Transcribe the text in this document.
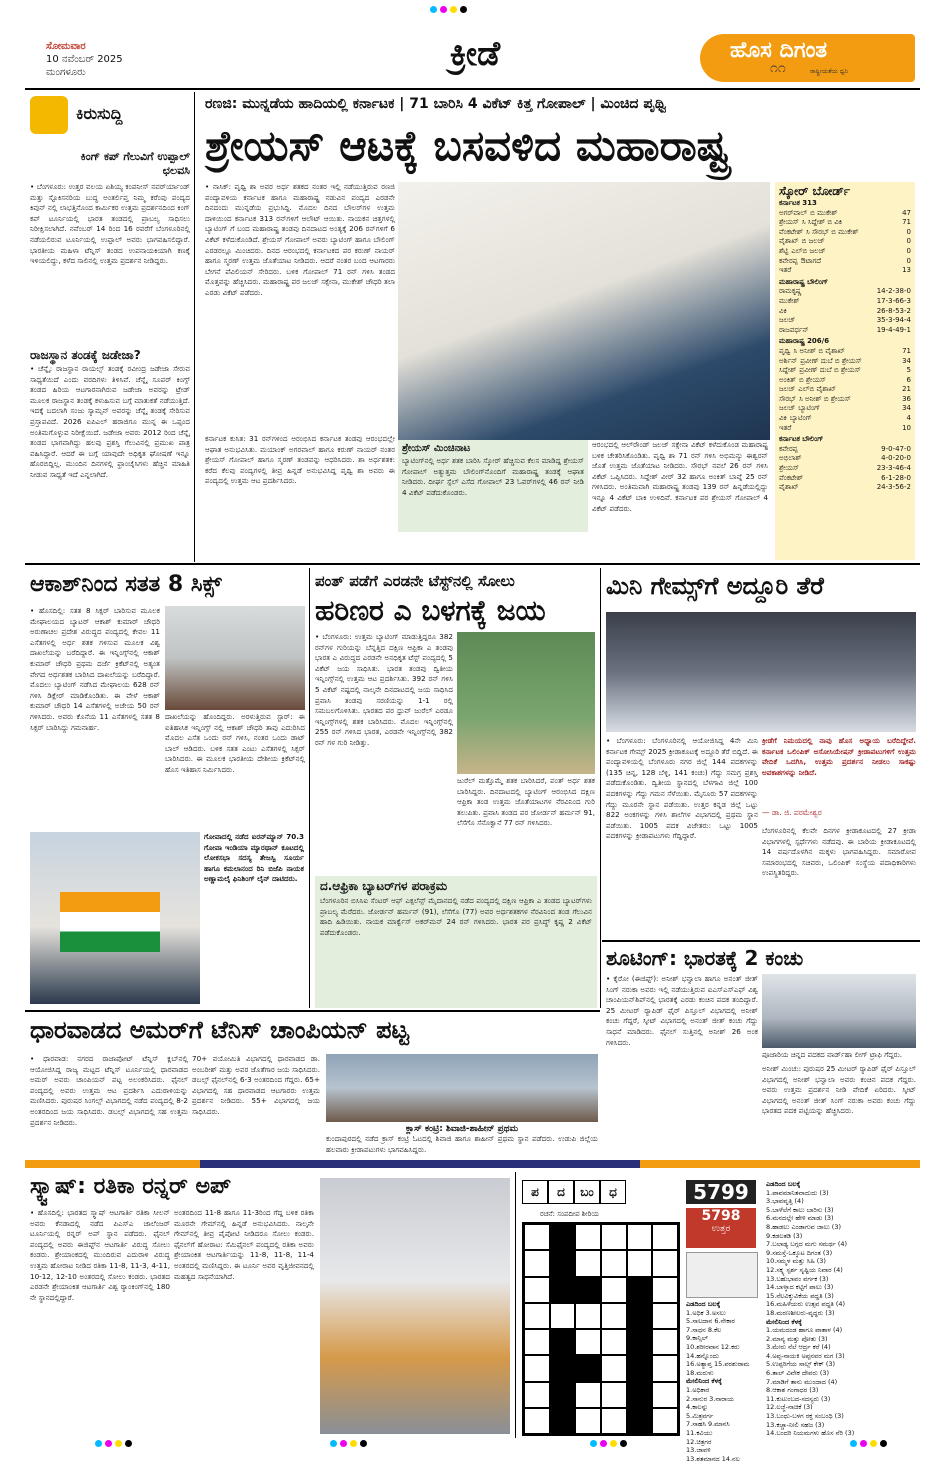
ಸೋಮವಾರ
10 ನವೆಂಬರ್ 2025
ಮಂಗಳೂರು	ಕ್ರೀಡೆ	ಹೊಸ ದಿಗಂತ
೧೧	ರಾಷ್ಟ್ರೀಯತೆಯ ಧ್ವನಿ
ಕಿರುಸುದ್ದಿ
ಕಿಂಗ್ ಕಪ್ ಗೆಲುವಿಗೆ ಉಪ್ಪಾಲ್ ಛಲವಸಿ
• ಬೆಂಗಳೂರು: ಉತ್ತರ ವಲಯ ಏಶಿಯ್ಯ ಕಂಪನೀಸ್ ನವರ್‌ರ್ಯಾಂಡ್ ಮತ್ತು ಸ್ಟೊಕಿಸನರಿಯ ಬುದ್ಧ ಅಂತರ್ಲಿಪ್ತ ನಿಮ್ಮ ಕರೆಂಪು ಪಂದ್ಯದ ಕಿವುನ್ ನಲ್ಲಿ ಲಾಭತ್ತಿನೊಂದ ಕಾರ್ಮಿಕರ ಉತ್ತಮ ಪ್ರದರ್ಶನದಿಂದ ಕಿಂಗ್ ಕಪ್ ಟೂರ್ನಿಯಲ್ಲಿ ಭಾರತ ತಂಡದಲ್ಲಿ ಪ್ರಾಬಲ್ಯ ಸಾಧಿಸಲು ನಿರೀಕ್ಷಿಸಲಾಗಿದೆ. ನವೆಂಬರ್ 14 ರಿಂದ 16 ರವರೆಗೆ ಬೆಂಗಳೂರಿನಲ್ಲಿ ನಡೆಯಲಿರುವ ಟೂರ್ನಿಯಲ್ಲಿ ಉಪ್ಪಾಲ್ ಅವರು ಭಾಗವಹಿಸಲಿದ್ದಾರೆ. ಭಾರತೀಯ ಮಹಿಳಾ ಟೆನ್ನಿಸ್ ತಂಡದ ಉಪನಾಯಕಿಯಾಗಿ ಕಣಕ್ಕೆ ಇಳಿಯಲಿದ್ದು, ಕಳೆದ ಸಾಲಿನಲ್ಲಿ ಉತ್ತಮ ಪ್ರದರ್ಶನ ನೀಡಿದ್ದರು.
ರಾಜಸ್ಥಾನ ತಂಡಕ್ಕೆ ಜಡೇಜಾ?
• ಚೆನ್ನೈ: ರಾಜಸ್ಥಾನ ರಾಯಲ್ಸ್ ತಂಡಕ್ಕೆ ರವೀಂದ್ರ ಜಡೇಜಾ ಸೇರುವ ಸಾಧ್ಯತೆಯಿದೆ ಎಂದು ವರದಿಗಳು ತಿಳಿಸಿವೆ. ಚೆನ್ನೈ ಸೂಪರ್ ಕಿಂಗ್ಸ್ ತಂಡದ ಹಿರಿಯ ಆಟಗಾರನಾಗಿರುವ ಜಡೇಜಾ ಅವರನ್ನು ಟ್ರೇಡ್ ಮೂಲಕ ರಾಜಸ್ಥಾನ ತಂಡಕ್ಕೆ ಕಳುಹಿಸುವ ಬಗ್ಗೆ ಮಾತುಕತೆ ನಡೆಯುತ್ತಿದೆ. ಇದಕ್ಕೆ ಬದಲಾಗಿ ಸಂಜು ಸ್ಯಾಮ್ಸನ್ ಅವರನ್ನು ಚೆನ್ನೈ ತಂಡಕ್ಕೆ ಸೇರಿಸುವ ಪ್ರಸ್ತಾಪವಿದೆ. 2026 ಐಪಿಎಲ್ ಹರಾಜಿಗೂ ಮುನ್ನ ಈ ಒಪ್ಪಂದ ಅಂತಿಮಗೊಳ್ಳುವ ನಿರೀಕ್ಷೆಯಿದೆ. ಜಡೇಜಾ ಅವರು 2012 ರಿಂದ ಚೆನ್ನೈ ತಂಡದ ಭಾಗವಾಗಿದ್ದು ಹಲವು ಪ್ರಶಸ್ತಿ ಗೆಲುವಿನಲ್ಲಿ ಪ್ರಮುಖ ಪಾತ್ರ ವಹಿಸಿದ್ದಾರೆ. ಆದರೆ ಈ ಬಗ್ಗೆ ಯಾವುದೇ ಅಧಿಕೃತ ಘೋಷಣೆ ಇನ್ನೂ ಹೊರಬಿದ್ದಿಲ್ಲ. ಮುಂದಿನ ದಿನಗಳಲ್ಲಿ ಫ್ರಾಂಚೈಸಿಗಳು ಹೆಚ್ಚಿನ ಮಾಹಿತಿ ನೀಡುವ ಸಾಧ್ಯತೆ ಇದೆ ಎನ್ನಲಾಗಿದೆ.
ರಣಜಿ: ಮುನ್ನಡೆಯ ಹಾದಿಯಲ್ಲಿ ಕರ್ನಾಟಕ | 71 ಬಾರಿಸಿ 4 ವಿಕೆಟ್ ಕಿತ್ತ ಗೋಪಾಲ್ | ಮಿಂಚಿದ ಪೃಥ್ವಿ
ಶ್ರೇಯಸ್ ಆಟಕ್ಕೆ ಬಸವಳಿದ ಮಹಾರಾಷ್ಟ್ರ
• ನಾಸಿಕ್: ಪೃಥ್ವಿ ಶಾ ಅವರ ಅರ್ಧ ಶತಕದ ನಂತರ ಇಲ್ಲಿ ನಡೆಯುತ್ತಿರುವ ರಣಜಿ ಪಂದ್ಯಾವಳಿಯ ಕರ್ನಾಟಕ ಹಾಗೂ ಮಹಾರಾಷ್ಟ್ರ ನಡುವಿನ ಪಂದ್ಯದ ಎರಡನೇ ದಿನದಂದು ಮುನ್ನಡೆಯ ಪ್ರಭುಸಿದ್ದಿ. ಮೊದಲ ದಿನದ ಬೌಲರ್‌ಗಳ ಉತ್ತಮ ದಾಳಿಯಿಂದ ಕರ್ನಾಟಕ 313 ರನ್‌ಗಳಿಗೆ ಆಲೌಟ್ ಆಯಿತು. ನಾಯಕನ ಚಿತ್ತಗಳಲ್ಲಿ ಬ್ಯಾಟಿಂಗ್ ಗೆ ಬಂದ ಮಹಾರಾಷ್ಟ್ರ ತಂಡವು ದಿನದಾಟದ ಅಂತ್ಯಕ್ಕೆ 206 ರನ್‌ಗಳಿಗೆ 6 ವಿಕೆಟ್ ಕಳೆದುಕೊಂಡಿದೆ. ಶ್ರೇಯಸ್ ಗೋಪಾಲ್ ಅವರು ಬ್ಯಾಟಿಂಗ್ ಹಾಗೂ ಬೌಲಿಂಗ್ ಎರಡರಲ್ಲೂ ಮಿಂಚಿದರು. ದಿನದ ಆರಂಭದಲ್ಲಿ ಕರ್ನಾಟಕದ ಪರ ಕರುಣ್ ನಾಯರ್ ಹಾಗೂ ಸ್ಮರಣ್ ಉತ್ತಮ ಜೊತೆಯಾಟ ನೀಡಿದರು. ಆದರೆ ನಂತರ ಬಂದ ಆಟಗಾರರು ಬೇಗನೆ ಪೆವಿಲಿಯನ್ ಸೇರಿದರು. ಬಳಿಕ ಗೋಪಾಲ್ 71 ರನ್ ಗಳಿಸಿ ತಂಡದ ಮೊತ್ತವನ್ನು ಹೆಚ್ಚಿಸಿದರು. ಮಹಾರಾಷ್ಟ್ರ ಪರ ಜಲಜ್ ಸಕ್ಸೇನಾ, ಮುಕೇಶ್ ಚೌಧರಿ ತಲಾ ಎರಡು ವಿಕೆಟ್ ಪಡೆದರು.
ಕರ್ನಾಟಕ ಕುಸಿತ: 31 ರನ್‌ಗಳಿಂದ ಆರಂಭಿಸಿದ ಕರ್ನಾಟಕ ತಂಡವು ಆರಂಭದಲ್ಲೇ ಆಘಾತ ಅನುಭವಿಸಿತು. ಮಯಾಂಕ್ ಅಗರವಾಲ್ ಹಾಗೂ ಕರುಣ್ ನಾಯರ್ ನಂತರ ಶ್ರೇಯಸ್ ಗೋಪಾಲ್ ಹಾಗೂ ಸ್ಮರಣ್ ತಂಡವನ್ನು ಆಧರಿಸಿದರು. ಶಾ ಅರ್ಧಶತಕ: ಕರೆದ ಕೆಲವು ಪಂದ್ಯಗಳಲ್ಲಿ ತೀವ್ರ ಹಿನ್ನಡೆ ಅನುಭವಿಸಿದ್ದ ಪೃಥ್ವಿ ಶಾ ಅವರು ಈ ಪಂದ್ಯದಲ್ಲಿ ಉತ್ತಮ ಆಟ ಪ್ರದರ್ಶಿಸಿದರು.
ಶ್ರೇಯಸ್ ಮಿಂಚಿನಾಟ
ಬ್ಯಾಟಿಂಗ್‌ನಲ್ಲಿ ಅರ್ಧ ಶತಕ ಬಾರಿಸಿ ಸ್ಕೋರ್ ಹೆಚ್ಚಿಸುವ ಕೆಲಸ ಮಾಡಿದ್ದ ಶ್ರೇಯಸ್ ಗೋಪಾಲ್ ಅತ್ಯುತ್ತಮ ಬೌಲಿಂಗ್‌ನೊಂದಿಗೆ ಮಹಾರಾಷ್ಟ್ರ ತಂಡಕ್ಕೆ ಆಘಾತ ನೀಡಿದರು. ದೀರ್ಘ ಸ್ಪೆಲ್ ಎಸೆದ ಗೋಪಾಲ್ 23 ಓವರ್‌ಗಳಲ್ಲಿ 46 ರನ್ ನೀಡಿ 4 ವಿಕೆಟ್ ಪಡೆದುಕೊಂಡರು.
ಆರಂಭದಲ್ಲಿ ಆಲ್‌ರೌಂಡ್ ಜಲಜ್ ಸಕ್ಸೇನಾ ವಿಕೆಟ್ ಕಳೆದುಕೊಂಡ ಮಹಾರಾಷ್ಟ್ರ ಬಳಿಕ ಚೇತರಿಸಿಕೊಂಡಿತು. ಪೃಥ್ವಿ ಶಾ 71 ರನ್ ಗಳಿಸಿ ಅಭಿಮನ್ಯು ಈಶ್ವರನ್ ಜೊತೆ ಉತ್ತಮ ಜೊತೆಯಾಟ ನೀಡಿದರು. ಸೌರಭ್ ನವಲೆ 26 ರನ್ ಗಳಿಸಿ ವಿಕೆಟ್ ಒಪ್ಪಿಸಿದರು. ಸಿದ್ದೇಶ್ ವೀರ್ 32 ಹಾಗೂ ಅಂಕಿತ್ ಬಾವ್ನೆ 25 ರನ್ ಗಳಿಸಿದರು. ಅಂತಿಮವಾಗಿ ಮಹಾರಾಷ್ಟ್ರ ತಂಡವು 139 ರನ್ ಹಿನ್ನಡೆಯಲ್ಲಿದ್ದು ಇನ್ನೂ 4 ವಿಕೆಟ್ ಬಾಕಿ ಉಳಿದಿವೆ. ಕರ್ನಾಟಕ ಪರ ಶ್ರೇಯಸ್ ಗೋಪಾಲ್ 4 ವಿಕೆಟ್ ಪಡೆದರು.
ಸ್ಕೋರ್ ಬೋರ್ಡ್
ಕರ್ನಾಟಕ 313
ಅಗರ್‌ವಾಲ್ ಬಿ ಮುಕೇಶ್	47
ಶ್ರೇಯಸ್ ಸಿ ಸಿದ್ದೇಶ್ ಬಿ ವಿಕಿ	71
ವೆಂಕಟೇಶ್ ಸಿ ಸೌರಭ್ ಬಿ ಮುಕೇಶ್	0
ವೈಶಾಖ್ ಬಿ ಜಲಜ್	0
ಶೆಟ್ಟಿ ಎಲ್‌ಬಿ ಜಲಜ್	0
ಕವೇರಪ್ಪ ಔಟಾಗದೆ	0
ಇತರೆ	13
ಮಹಾರಾಷ್ಟ್ರ ಬೌಲಿಂಗ್
ರಾಮಕೃಷ್ಣ	14-2-38-0
ಮುಕೇಶ್	17-3-66-3
ವಿಕಿ	26-8-53-2
ಜಲಜ್	35-3-94-4
ರಾಜವರ್ಧನ್	19-4-49-1
ಮಹಾರಾಷ್ಟ್ರ 206/6
ಪೃಥ್ವಿ ಸಿ ಅನೀಶ್ ಬಿ ವೈಶಾಖ್	71
ಅರ್ಶಿನ್ ಪ್ರವೀಣ್ ದುಬೆ ಬಿ ಶ್ರೇಯಸ್	34
ಸಿದ್ದೇಶ್ ಪ್ರವೀಣ್ ದುಬೆ ಬಿ ಶ್ರೇಯಸ್	5
ಅಂಕಿತ್ ಬಿ ಶ್ರೇಯಸ್	6
ಜಲಜ್ ಎಲ್‌ಬಿ ವೈಶಾಖ್	21
ಸೌರಭ್ ಸಿ ಅನೀಶ್ ಬಿ ಶ್ರೇಯಸ್	36
ಜಲಜ್ ಬ್ಯಾಟಿಂಗ್	34
ವಿಕಿ ಬ್ಯಾಟಿಂಗ್	4
ಇತರೆ	10
ಕರ್ನಾಟಕ ಬೌಲಿಂಗ್
ಕವೇರಪ್ಪ	9-0-47-0
ಅಭಿಲಾಶ್	4-0-20-0
ಶ್ರೇಯಸ್	23-3-46-4
ವೆಂಕಟೇಶ್	6-1-28-0
ವೈಶಾಖ್	24-3-56-2
ಆಕಾಶ್‌ನಿಂದ ಸತತ 8 ಸಿಕ್ಸ್
• ಹೊಸದಿಲ್ಲಿ: ಸತತ 8 ಸಿಕ್ಸರ್ ಬಾರಿಸುವ ಮೂಲಕ ಮೇಘಾಲಯದ ಬ್ಯಾಟರ್ ಆಕಾಶ್ ಕುಮಾರ್ ಚೌಧರಿ ಅರುಣಾಚಲ ಪ್ರದೇಶ ವಿರುದ್ಧದ ಪಂದ್ಯದಲ್ಲಿ ಕೇವಲ 11 ಎಸೆತಗಳಲ್ಲಿ ಅರ್ಧ ಶತಕ ಗಳಿಸುವ ಮೂಲಕ ವಿಶ್ವ ದಾಖಲೆಯನ್ನು ಬರೆದಿದ್ದಾರೆ. ಈ ಇನ್ನಿಂಗ್ಸ್‌ನಲ್ಲಿ ಆಕಾಶ್ ಕುಮಾರ್ ಚೌಧರಿ ಪ್ರಥಮ ದರ್ಜೆ ಕ್ರಿಕೆಟ್‌ನಲ್ಲಿ ಅತ್ಯಂತ ವೇಗದ ಅರ್ಧಶತಕ ಬಾರಿಸಿದ ದಾಖಲೆಯನ್ನು ಬರೆದಿದ್ದಾರೆ. ಮೊದಲು ಬ್ಯಾಟಿಂಗ್ ನಡೆಸಿದ ಮೇಘಾಲಯ 628 ರನ್ ಗಳಿಸಿ ಡಿಕ್ಲೇರ್ ಮಾಡಿಕೊಂಡಿತು. ಈ ವೇಳೆ ಆಕಾಶ್ ಕುಮಾರ್ ಚೌಧರಿ 14 ಎಸೆತಗಳಲ್ಲಿ ಅಜೇಯ 50 ರನ್ ಗಳಿಸಿದರು. ಅವರು ಕೊನೆಯ 11 ಎಸೆತಗಳಲ್ಲಿ ಸತತ 8 ಸಿಕ್ಸರ್ ಬಾರಿಸಿದ್ದು ಗಮನಾರ್ಹ.
ದಾಖಲೆಯನ್ನು ಹೊಂದಿದ್ದರು. ಅರಳುತ್ತಿರುವ ಸ್ಟಾರ್: ಈ ಐತಿಹಾಸಿಕ ಇನ್ನಿಂಗ್ಸ್ ನಲ್ಲಿ ಆಕಾಶ್ ಚೌಧರಿ ತಾವು ಎದುರಿಸಿದ ಮೊದಲ ಎಸೆತ ಒಂದು ರನ್ ಗಳಿಸಿ, ನಂತರ ಒಂದು ಡಾಟ್ ಬಾಲ್ ಆಡಿದರು. ಬಳಿಕ ಸತತ ಎಂಟು ಎಸೆತಗಳಲ್ಲಿ ಸಿಕ್ಸರ್ ಬಾರಿಸಿದರು. ಈ ಮೂಲಕ ಭಾರತೀಯ ದೇಶೀಯ ಕ್ರಿಕೆಟ್‌ನಲ್ಲಿ ಹೊಸ ಇತಿಹಾಸ ನಿರ್ಮಿಸಿದರು.
ಗೋವಾದಲ್ಲಿ ನಡೆದ ಐರನ್‌ಮ್ಯಾನ್ 70.3 ಗೋವಾ ಇಂಡಿಯಾ ಮ್ಯಾರಥಾನ್ ಕೂಟದಲ್ಲಿ ಲೋಕಸಭಾ ಸದಸ್ಯ ತೇಜಸ್ವಿ ಸೂರ್ಯ ಹಾಗೂ ಕಮಲಾನಂದ ರಿನಿ ಬಿಜೆಪಿ ನಾಯಕ ಅಣ್ಣಾಮಲೈ ಫಿನಿಶಿಂಗ್ ಲೈನ್ ದಾಟಿದರು.
ಪಂತ್ ಪಡೆಗೆ ಎರಡನೇ ಟೆಸ್ಟ್‌ನಲ್ಲಿ ಸೋಲು
ಹರಿಣರ ಎ ಬಳಗಕ್ಕೆ ಜಯ
• ಬೆಂಗಳೂರು: ಉತ್ತಮ ಬ್ಯಾಟಿಂಗ್ ಮಾಡುತ್ತಿದ್ದರೂ 382 ರನ್‌ಗಳ ಗುರಿಯನ್ನು ಬೆನ್ನತ್ತಿದ ದಕ್ಷಿಣ ಆಫ್ರಿಕಾ ಎ ತಂಡವು ಭಾರತ ಎ ವಿರುದ್ಧದ ಎರಡನೇ ಅನಧಿಕೃತ ಟೆಸ್ಟ್ ಪಂದ್ಯದಲ್ಲಿ 5 ವಿಕೆಟ್ ಜಯ ಸಾಧಿಸಿತು. ಭಾರತ ತಂಡವು ದ್ವಿತೀಯ ಇನ್ನಿಂಗ್ಸ್‌ನಲ್ಲಿ ಉತ್ತಮ ಆಟ ಪ್ರದರ್ಶಿಸಿತು. 392 ರನ್ ಗಳಿಸಿ 5 ವಿಕೆಟ್ ನಷ್ಟದಲ್ಲಿ ನಾಲ್ಕನೇ ದಿನದಾಟದಲ್ಲಿ ಜಯ ಸಾಧಿಸಿದ ಪ್ರವಾಸಿ ತಂಡವು ಸರಣಿಯನ್ನು 1-1 ರಲ್ಲಿ ಸಮಬಲಗೊಳಿಸಿತು. ಭಾರತದ ಪರ ಧ್ರುವ್ ಜುರೆಲ್ ಎರಡೂ ಇನ್ನಿಂಗ್ಸ್‌ಗಳಲ್ಲಿ ಶತಕ ಬಾರಿಸಿದರು. ಮೊದಲ ಇನ್ನಿಂಗ್ಸ್‌ನಲ್ಲಿ 255 ರನ್ ಗಳಿಸಿದ ಭಾರತ, ಎರಡನೇ ಇನ್ನಿಂಗ್ಸ್‌ನಲ್ಲಿ 382 ರನ್ ಗಳ ಗುರಿ ನೀಡಿತ್ತು.
ಜುರೆಲ್ ಮತ್ತೊಮ್ಮೆ ಶತಕ ಬಾರಿಸಿದರೆ, ಪಂತ್ ಅರ್ಧ ಶತಕ ಬಾರಿಸಿದ್ದರು. ದಿನದಾಟದಲ್ಲಿ ಬ್ಯಾಟಿಂಗ್ ಆರಂಭಿಸಿದ ದಕ್ಷಿಣ ಆಫ್ರಿಕಾ ತಂಡ ಉತ್ತಮ ಜೊತೆಯಾಟಗಳ ನೆರವಿನಿಂದ ಗುರಿ ತಲುಪಿತು. ಪ್ರವಾಸಿ ತಂಡದ ಪರ ಜೋರ್ಡನ್ ಹರ್ಮನ್ 91, ಲೆಸೆಗೊ ಸೆನೊಕ್ವಾನೆ 77 ರನ್ ಗಳಿಸಿದರು.
ದ.ಆಫ್ರಿಕಾ ಬ್ಯಾಟರ್‌ಗಳ ಪರಾಕ್ರಮ
ಬೆಂಗಳೂರಿನ ಬಿಸಿಸಿಐ ಸೆಂಟರ್ ಆಫ್ ಎಕ್ಸಲೆನ್ಸ್ ಮೈದಾನದಲ್ಲಿ ನಡೆದ ಪಂದ್ಯದಲ್ಲಿ ದಕ್ಷಿಣ ಆಫ್ರಿಕಾ ಎ ತಂಡದ ಬ್ಯಾಟರ್‌ಗಳು ಪ್ರಾಬಲ್ಯ ಮೆರೆದರು. ಜೋರ್ಡನ್ ಹರ್ಮನ್ (91), ಲೆಸೆಗೊ (77) ಅವರ ಅರ್ಧಶತಕಗಳ ನೆರವಿನಿಂದ ತಂಡ ಗೆಲುವಿನ ಹಾದಿ ಹಿಡಿಯಿತು. ನಾಯಕ ಮಾರ್ಕ್ವೆಸ್ ಅಕರ್‌ಮನ್ 24 ರನ್ ಗಳಿಸಿದರು. ಭಾರತ ಪರ ಪ್ರಸಿದ್ಧ್ ಕೃಷ್ಣ 2 ವಿಕೆಟ್ ಪಡೆದುಕೊಂಡರು.
ಮಿನಿ ಗೇಮ್ಸ್‌ಗೆ ಅದ್ದೂರಿ ತೆರೆ
• ಬೆಂಗಳೂರು: ಬೆಂಗಳೂರಿನಲ್ಲಿ ಆಯೋಜಿಸಿದ್ದ 4ನೇ ಮಿನಿ ಕರ್ನಾಟಕ ಗೇಮ್ಸ್ 2025 ಕ್ರೀಡಾಕೂಟಕ್ಕೆ ಅದ್ದೂರಿ ತೆರೆ ಬಿದ್ದಿದೆ. ಈ ಪಂದ್ಯಾವಳಿಯಲ್ಲಿ ಬೆಂಗಳೂರು ನಗರ ಜಿಲ್ಲೆ 144 ಪದಕಗಳನ್ನು (135 ಚಿನ್ನ, 128 ಬೆಳ್ಳಿ, 141 ಕಂಚು) ಗೆದ್ದು ಸಮಗ್ರ ಪ್ರಶಸ್ತಿ ಪಡೆದುಕೊಂಡಿತು. ದ್ವಿತೀಯ ಸ್ಥಾನದಲ್ಲಿ ಬೆಳಗಾವಿ ಜಿಲ್ಲೆ 100 ಪದಕಗಳನ್ನು ಗೆದ್ದು ಗಮನ ಸೆಳೆಯಿತು. ಮೈಸೂರು 57 ಪದಕಗಳನ್ನು ಗೆದ್ದು ಮೂರನೇ ಸ್ಥಾನ ಪಡೆಯಿತು. ಉತ್ತರ ಕನ್ನಡ ಜಿಲ್ಲೆ ಒಟ್ಟು 822 ಅಂಕಗಳನ್ನು ಗಳಿಸಿ ಶಾಲೆಗಳ ವಿಭಾಗದಲ್ಲಿ ಪ್ರಥಮ ಸ್ಥಾನ ಪಡೆಯಿತು. 1005 ಪದಕ ವಿಜೇತರು: ಒಟ್ಟು 1005 ಪದಕಗಳನ್ನು ಕ್ರೀಡಾಪಟುಗಳು ಗೆದ್ದಿದ್ದಾರೆ.
ಕ್ರೀಡೆಗೆ ನಿಮಯದಲ್ಲಿ ನಾವು ಹೊಸ ಅಧ್ಯಾಯ ಬರೆದಿದ್ದೇವೆ. ಕರ್ನಾಟಕ ಒಲಿಂಪಿಕ್ ಅಸೋಸಿಯೇಷನ್ ಕ್ರೀಡಾಪಟುಗಳಿಗೆ ಉತ್ತಮ ವೇದಿಕೆ ಒದಗಿಸಿ, ಉತ್ತಮ ಪ್ರದರ್ಶನ ನೀಡಲು ಸಾಕಷ್ಟು ಅವಕಾಶಗಳನ್ನು ನೀಡಿದೆ.
— ಡಾ. ಜಿ. ಪರಮೇಶ್ವರ
ಬೆಂಗಳೂರಿನಲ್ಲಿ ಕೆಲವೇ ದಿನಗಳ ಕ್ರೀಡಾಕೂಟದಲ್ಲಿ 27 ಕ್ರೀಡಾ ವಿಭಾಗಗಳಲ್ಲಿ ಸ್ಪರ್ಧೆಗಳು ನಡೆದವು. ಈ ಬಾರಿಯ ಕ್ರೀಡಾಕೂಟದಲ್ಲಿ 14 ವರ್ಷದೊಳಗಿನ ಮಕ್ಕಳು ಭಾಗವಹಿಸಿದ್ದರು. ಸಮಾರೋಪ ಸಮಾರಂಭದಲ್ಲಿ ಸಚಿವರು, ಒಲಿಂಪಿಕ್ ಸಂಸ್ಥೆಯ ಪದಾಧಿಕಾರಿಗಳು ಉಪಸ್ಥಿತರಿದ್ದರು.
ಶೂಟಿಂಗ್: ಭಾರತಕ್ಕೆ 2 ಕಂಚು
• ಕೈರೋ (ಈಜಿಪ್ಟ್): ಅನೀಶ್ ಭನ್ವಾಲಾ ಹಾಗೂ ಅನಂತ್ ಜೀತ್ ಸಿಂಗ್ ನರುಕಾ ಅವರು ಇಲ್ಲಿ ನಡೆಯುತ್ತಿರುವ ಐಎಸ್‌ಎಸ್‌ಎಫ್ ವಿಶ್ವ ಚಾಂಪಿಯನ್‌ಶಿಪ್‌ನಲ್ಲಿ ಭಾರತಕ್ಕೆ ಎರಡು ಕಂಚಿನ ಪದಕ ತಂದಿದ್ದಾರೆ. 25 ಮೀಟರ್ ರ‍್ಯಾಪಿಡ್ ಫೈರ್ ಪಿಸ್ತೂಲ್ ವಿಭಾಗದಲ್ಲಿ ಅನೀಶ್ ಕಂಚು ಗೆದ್ದರೆ, ಸ್ಕೀಟ್ ವಿಭಾಗದಲ್ಲಿ ಅನಂತ್ ಜೀತ್ ಕಂಚು ಗೆದ್ದು ಸಾಧನೆ ಮಾಡಿದರು. ಫೈನಲ್ ಸುತ್ತಿನಲ್ಲಿ ಅನೀಶ್ 26 ಅಂಕ ಗಳಿಸಿದರು.
ಪೂಜಾರಿಯ ಚಿನ್ನದ ಪದಕದ ವಾರ್ಡ್‌ಹಾ ಲೀಗ್ ಟ್ರಾಫಿ ಗೆದ್ದರು.
ಅನೀಶ್ ಮಿಂಚು: ಪುರುಷರ 25 ಮೀಟರ್ ರ‍್ಯಾಪಿಡ್ ಫೈರ್ ಪಿಸ್ತೂಲ್ ವಿಭಾಗದಲ್ಲಿ ಅನೀಶ್ ಭನ್ವಾಲಾ ಅವರು ಕಂಚಿನ ಪದಕ ಗೆದ್ದರು. ಅವರು ಉತ್ತಮ ಪ್ರದರ್ಶನ ನೀಡಿ ವೇದಿಕೆ ಏರಿದರು. ಸ್ಕೀಟ್ ವಿಭಾಗದಲ್ಲಿ ಅನಂತ್ ಜೀತ್ ಸಿಂಗ್ ನರುಕಾ ಅವರು ಕಂಚು ಗೆದ್ದು ಭಾರತದ ಪದಕ ಪಟ್ಟಿಯನ್ನು ಹೆಚ್ಚಿಸಿದರು.
ಧಾರವಾಡದ ಅಮರ್‌ಗೆ ಟೆನಿಸ್ ಚಾಂಪಿಯನ್ ಪಟ್ಟ
• ಧಾರವಾಡ: ನಗರದ ರಾಜಾಪೋಟ್ ಟೆನ್ನಿಸ್ ಕ್ಲಬ್‌ನಲ್ಲಿ ಆಯೋಜಿಸಿದ್ದ ರಾಜ್ಯ ಮಟ್ಟದ ಟೆನ್ನಿಸ್ ಟೂರ್ನಿಯಲ್ಲಿ ಧಾರವಾಡದ ಅಮರ್ ಅವರು ಚಾಂಪಿಯನ್ ಪಟ್ಟ ಅಲಂಕರಿಸಿದರು. ಫೈನಲ್ ಪಂದ್ಯದಲ್ಲಿ ಅವರು ಉತ್ತಮ ಆಟ ಪ್ರದರ್ಶಿಸಿ ಎದುರಾಳಿಯನ್ನು ಮಣಿಸಿದರು. ಪುರುಷರ ಸಿಂಗಲ್ಸ್ ವಿಭಾಗದಲ್ಲಿ ನಡೆದ ಪಂದ್ಯದಲ್ಲಿ 8-2 ಅಂತರದಿಂದ ಜಯ ಸಾಧಿಸಿದರು. ಡಬಲ್ಸ್ ವಿಭಾಗದಲ್ಲಿ ಸಹ ಉತ್ತಮ ಪ್ರದರ್ಶನ ನೀಡಿದರು.
70+ ವಯೋಮಿತಿ ವಿಭಾಗದಲ್ಲಿ ಧಾರವಾಡದ ಡಾ. ಅಂಬರೀಶ್ ಮತ್ತು ಅವರ ಜೊತೆಗಾರ ಜಯ ಸಾಧಿಸಿದರು. ಡಬಲ್ಸ್ ಫೈನಲ್‌ನಲ್ಲಿ 6-3 ಅಂತರದಿಂದ ಗೆದ್ದರು. 65+ ವಿಭಾಗದಲ್ಲಿ ಸಹ ಧಾರವಾಡದ ಆಟಗಾರರು ಉತ್ತಮ ಪ್ರದರ್ಶನ ನೀಡಿದರು. 55+ ವಿಭಾಗದಲ್ಲಿ ಜಯ ಸಾಧಿಸಿದರು.
ಕ್ಲಾಸ್ ಕಂಟ್ರಿ: ಶಿವಾಜಿ-ಶಾಹೀನ್ ಪ್ರಥಮ
ಕುಂದಾಪುರದಲ್ಲಿ ನಡೆದ ಕ್ರಾಸ್ ಕಂಟ್ರಿ ಓಟದಲ್ಲಿ ಶಿವಾಜಿ ಹಾಗೂ ಶಾಹೀನ್ ಪ್ರಥಮ ಸ್ಥಾನ ಪಡೆದರು. ಉಡುಪಿ ಜಿಲ್ಲೆಯ ಹಲವಾರು ಕ್ರೀಡಾಪಟುಗಳು ಭಾಗವಹಿಸಿದ್ದರು.
ಸ್ಕ್ವಾಷ್: ರತಿಕಾ ರನ್ನರ್ ಅಪ್
• ಹೊಸದಿಲ್ಲಿ: ಭಾರತದ ಸ್ಕ್ವಾಷ್ ಆಟಗಾರ್ತಿ ರತಿಕಾ ಸೀಲನ್ ಅವರು ಕೆನಡಾದಲ್ಲಿ ನಡೆದ ಪಿಎಸ್‌ಎ ಚಾಲೆಂಜರ್ ಟೂರ್ನಿಯಲ್ಲಿ ರನ್ನರ್ ಅಪ್ ಸ್ಥಾನ ಪಡೆದರು. ಫೈನಲ್ ಪಂದ್ಯದಲ್ಲಿ ಅವರು ಈಜಿಪ್ಟ್‌ನ ಆಟಗಾರ್ತಿ ವಿರುದ್ಧ ಸೋಲು ಕಂಡರು. ಶ್ರೇಯಾಂಕದಲ್ಲಿ ಮುಂದಿರುವ ಎದುರಾಳಿ ವಿರುದ್ಧ ಉತ್ತಮ ಹೋರಾಟ ನೀಡಿದ ರತಿಕಾ 11-8, 11-3, 4-11, 10-12, 12-10 ಅಂತರದಲ್ಲಿ ಸೋಲು ಕಂಡರು. ಭಾರತದ ಎರಡನೇ ಶ್ರೇಯಾಂಕಿತ ಆಟಗಾರ್ತಿ ವಿಶ್ವ ರ‍್ಯಾಂಕಿಂಗ್‌ನಲ್ಲಿ 180 ನೇ ಸ್ಥಾನದಲ್ಲಿದ್ದಾರೆ.
ಅಂತರದಿಂದ 11-8 ಹಾಗೂ 11-3ರಿಂದ ಗೆದ್ದ ಬಳಿಕ ರತಿಕಾ ಮೂರನೇ ಗೇಮ್‌ನಲ್ಲಿ ಹಿನ್ನಡೆ ಅನುಭವಿಸಿದರು. ನಾಲ್ಕನೇ ಗೇಮ್‌ನಲ್ಲಿ ತೀವ್ರ ಪೈಪೋಟಿ ನೀಡಿದರೂ ಸೋಲು ಕಂಡರು. ಫೈನಲ್‌ಗೆ ಹೋರಾಟ: ಸೆಮಿಫೈನಲ್ ಪಂದ್ಯದಲ್ಲಿ ರತಿಕಾ ಅವರು ಶ್ರೇಯಾಂಕಿತ ಆಟಗಾರ್ತಿಯನ್ನು 11-8, 11-8, 11-4 ಅಂತರದಲ್ಲಿ ಮಣಿಸಿದ್ದರು. ಈ ಟೂರ್ನಿ ಅವರ ವೃತ್ತಿಜೀವನದಲ್ಲಿ ಮಹತ್ವದ ಸಾಧನೆಯಾಗಿದೆ.
ಪ	ದ	ಬಂ	ಧ
ರಚನೆ: ಸಂಪದೀಪ ಶೀರಿಯ
5799
5798
ಉತ್ತರ
ಎಡದಿಂದ ಬಲಕ್ಕೆ
1.ಅಧಿಕ 3.ಅಸಲು
5.ಸಾಲದಾನ 6.ನೇಕಾರ
7.ಸಾಧನ 8.ಕೆಲ
9.ಕಾನ್ಸಿಲ್
10.ಶರೀರವಾನ 12.ಕರು
14.ಹನ್ನೊಂದು
16.ಅತ್ಯಾಪ್ತ 15.ಪರಶುರಾಮ
18.ಮರುಳು
ಮೇಲಿನಿಂದ ಕೆಳಕ್ಕೆ
1.ಅಧಿಕಾರ
2.ಸಾನುರ 3.ನಾರಾಯ
4.ಕಾಲನ್ನು
5.ಮಿತ್ರವರ್ಗ
7.ಸಾಹಸಿ 9.ಮಾನಸಿ
11.ಕವಿಯು
12.ಚಿತ್ರಗರ
13.ಜಾವಳಿ
13.ಶತಮಾನದ 14.ನಲ
ಎಡದಿಂದ ಬಲಕ್ಕೆ
1.ಪಾವಮಾನಿತವಾದುದು (3)
3.ಭಾವವೃತ್ತಿ (4)
5.ಬಾಳೆಲೆಗೆ ಕಾಲು ಬಾರಿಸು (3)
6.ಮನದಲ್ಲೇ ಹೇಳಿ ಮಾಡು (3)
8.ಹಾಡಲು ಎಂಡಾಗುವ ಜಾಲು (3)
9.ಕಡಲತಡಿ (3)
7.ಬಲಾಢ್ಯ ಬಗ್ಗದ ಮಗು ಸಮರ್ಥ (4)
9.ಸಮಸ್ತೆ-ಒಕ್ಕೂಟ ದಿಗಂತ (3)
10.ಸಮ್ಮಳ ಮತ್ತು ಸಿಹಿ (3)
12.ಸಕ್ಕ್ಯ ಸ್ಪರ್ಶ ಸೃಷ್ಟಿಯ ನಿವಾರ (4)
13.ಬಹುಭಾವಂ ವರ್ಗಕ (3)
14.ಬಾಳ್ಕಾದ ಕಟ್ಟಿಗೆ ಪಾಲು (3)
15.ನೆಲವಿಕ್ಕುವಿಕೆಯ ಪದ್ಧತಿ (3)
16.ಮಹಿಳೆಯರು ಉತ್ಸವ ಪದ್ಧತಿ (4)
18.ಮರಣಶೀಲರು-ವೃದ್ಧರು (3)
ಮೇಲಿನಿಂದ ಕೆಳಕ್ಕೆ
1.ಯಮದಂಡ ಹಾಗೂ ಪಾತಾಳ (4)
2.ಮಾನ್ಯ ಮತ್ತು ಪೋತು (3)
3.ಮೇರು ನೆಲೆ ಆರ್ದ್ರ ಕರೆ (4)
4.ಅಪ್ಪ-ನಾಯಕಿ ಅಪ್ಪನವರ ಮಗ (3)
5.ಉಪ್ಪರಿಗೆಯ ಸಾಲ್ಸ್ ಕೇಕ್ (3)
6.ತಾಲ್ ವಿವೇಕ ದೇವರು (3)
7.ಮಾಡಿಗೆ ತಾನು ಮುಂದಾದ (4)
8.ಆಕಾಶ ಗಂಗಾಧರ (3)
11.ಕುಟುಂಬದ-ಸದಸ್ಯರು (3)
12.ಲಜ್ಜೆ-ನಾಚಿಕೆ (3)
13.ಬಂಧು-ಬಳಗ ರಕ್ತ ಸಂಬಂಧಿ (3)
13.ಕಚ್ಚಾ-ನೀಲಿ ಸಹಜ (3)
14.ಬಂದರಿ ನಿಯಮಗಳು ಹೊಸ ನೆರಿ (3)
